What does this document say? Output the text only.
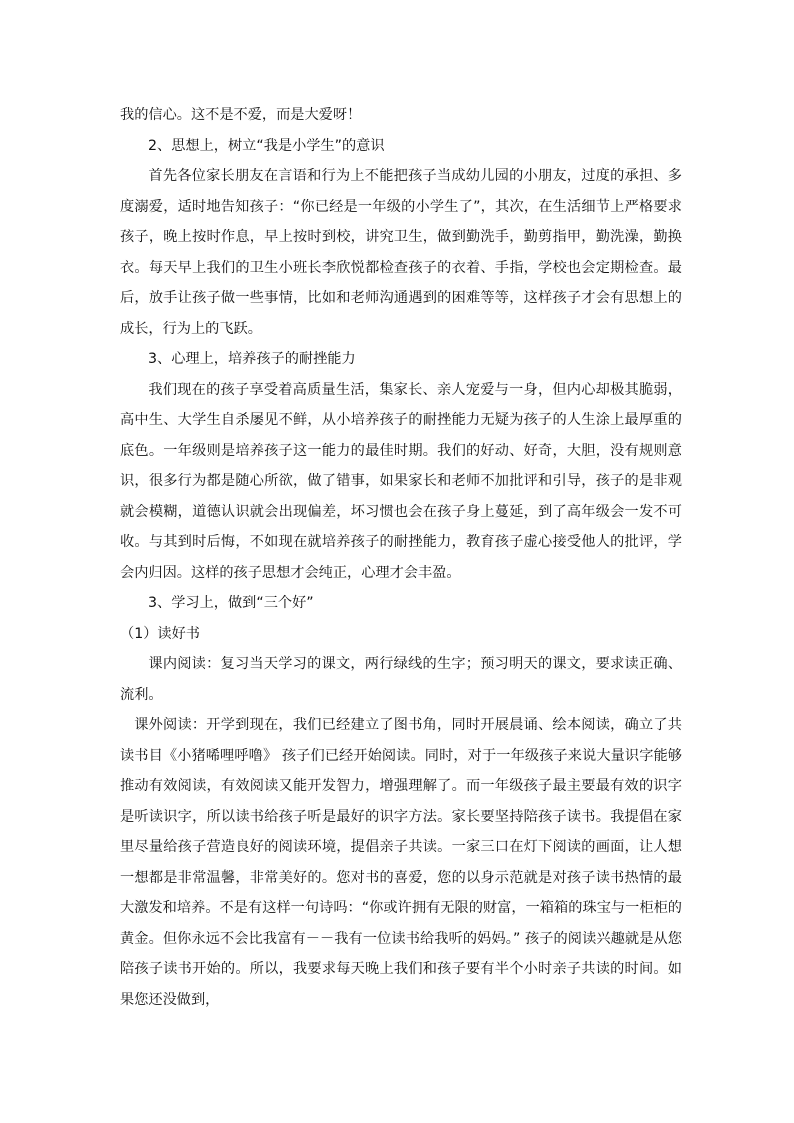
我的信心。这不是不爱，而是大爱呀！

2、思想上，树立“我是小学生”的意识

首先各位家长朋友在言语和行为上不能把孩子当成幼儿园的小朋友，过度的承担、多度溺爱，适时地告知孩子：“你已经是一年级的小学生了”，其次，在生活细节上严格要求孩子，晚上按时作息，早上按时到校，讲究卫生，做到勤洗手，勤剪指甲，勤洗澡，勤换衣。每天早上我们的卫生小班长李欣悦都检查孩子的衣着、手指，学校也会定期检查。最后，放手让孩子做一些事情，比如和老师沟通遇到的困难等等，这样孩子才会有思想上的成长，行为上的飞跃。

3、心理上，培养孩子的耐挫能力

我们现在的孩子享受着高质量生活，集家长、亲人宠爱与一身，但内心却极其脆弱，高中生、大学生自杀屡见不鲜，从小培养孩子的耐挫能力无疑为孩子的人生涂上最厚重的底色。一年级则是培养孩子这一能力的最佳时期。我们的好动、好奇，大胆，没有规则意识，很多行为都是随心所欲，做了错事，如果家长和老师不加批评和引导，孩子的是非观就会模糊，道德认识就会出现偏差，坏习惯也会在孩子身上蔓延，到了高年级会一发不可收。与其到时后悔，不如现在就培养孩子的耐挫能力，教育孩子虚心接受他人的批评，学会内归因。这样的孩子思想才会纯正，心理才会丰盈。

3、学习上，做到“三个好”

（1）读好书

课内阅读：复习当天学习的课文，两行绿线的生字；预习明天的课文，要求读正确、流利。

课外阅读：开学到现在，我们已经建立了图书角，同时开展晨诵、绘本阅读，确立了共读书目《小猪唏哩呼噜》 孩子们已经开始阅读。同时，对于一年级孩子来说大量识字能够推动有效阅读，有效阅读又能开发智力，增强理解了。而一年级孩子最主要最有效的识字是听读识字，所以读书给孩子听是最好的识字方法。家长要坚持陪孩子读书。我提倡在家里尽量给孩子营造良好的阅读环境，提倡亲子共读。一家三口在灯下阅读的画面，让人想一想都是非常温馨，非常美好的。您对书的喜爱，您的以身示范就是对孩子读书热情的最大激发和培养。不是有这样一句诗吗：“你或许拥有无限的财富，一箱箱的珠宝与一柜柜的黄金。但你永远不会比我富有－－我有一位读书给我听的妈妈。” 孩子的阅读兴趣就是从您陪孩子读书开始的。所以，我要求每天晚上我们和孩子要有半个小时亲子共读的时间。如果您还没做到，
